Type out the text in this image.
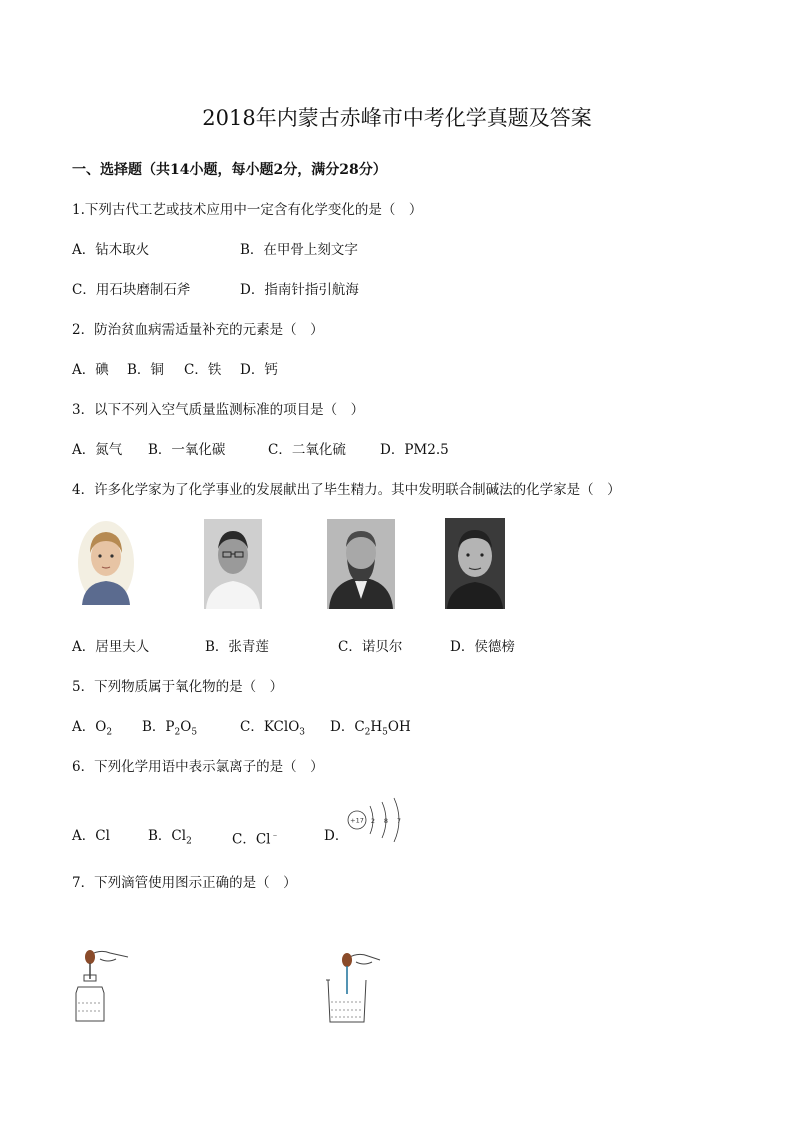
2018年内蒙古赤峰市中考化学真题及答案
一、选择题（共14小题，每小题2分，满分28分）
1.下列古代工艺或技术应用中一定含有化学变化的是（　）
A．钻木取火	B．在甲骨上刻文字
C．用石块磨制石斧	D．指南针指引航海
2．防治贫血病需适量补充的元素是（　）
A．碘 B．铜 C．铁 D．钙
3．以下不列入空气质量监测标准的项目是（　）
A．氮气 B．一氧化碳	C．二氧化硫	D．PM2.5
4．许多化学家为了化学事业的发展献出了毕生精力。其中发明联合制碱法的化学家是（　）
A．居里夫人	B．张青莲	C．诺贝尔	D．侯德榜
5．下列物质属于氧化物的是（　）
A．$O_2$ B．$P_2O_5$	C．KClO$_3$ D．$C_2H_5OH$
6．下列化学用语中表示氯离子的是（　）
A．Cl	B．$Cl_2$	C．Cl﹣	D．
+17 2 8 7
7．下列滴管使用图示正确的是（　）
